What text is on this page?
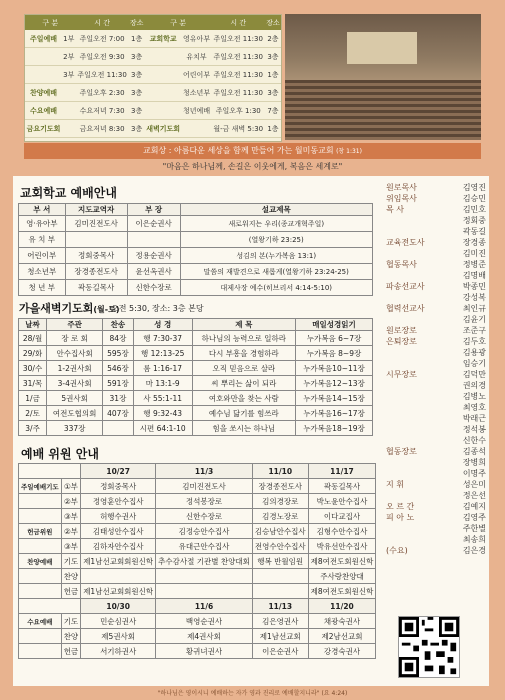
구 분		시 간	장소	구 분		시 간	장소
주일예배	1부	주일오전 7:00	1층	교회학교	영유아부	주일오전 11:30	2층
	2부	주일오전 9:30	3층		유치부	주일오전 11:30	3층
	3부	주일오전 11:30	3층		어린이부	주일오전 11:30	1층
찬양예배		주일오후 2:30	3층		청소년부	주일오전 11:30	3층
수요예배		수요저녁 7:30	3층		청년예배	주일오후 1:30	7층
금요기도회		금요저녁 8:30	3층	새벽기도회		월-금 새벽 5:30	1층
교회상 : 아름다운 세상을 함께 만들어 가는 월미동교회 (창 1:31)
"마음은 하나님께, 손길은 이웃에게, 복음은 세계로"
교회학교 예배안내
부 서	지도교역자	부 장	설교제목
영·유아부	김미진전도사	이은순권사	새로워지는 우리(종교개혁주일)
유 치 부			(열왕기하 23:25)
어린이부	정회중목사	정용순권사	성김의 본(누가복음 13:1)
청소년부	장경종전도사	윤선옥권사	말씀의 재발견으로 새롭게(열왕기하 23:24-25)
청 년 부	곽동길목사	신한수장로	대제사장 예수(히브리서 4:14-5:10)
가을새벽기도회(월-토)
오전 5:30, 장소: 3층 본당
날짜	주관	찬송	성 경	제 목	매일성경읽기
28/월	장 로 회	84장	행 7:30-37	하나님의 능력으로 일하라	누가복음 6~7장
29/화	안수집사회	595장	행 12:13-25	다시 부흥을 경험하라	누가복음 8~9장
30/수	1-2권사회	546장	롬 1:16-17	오직 믿음으로 살라	누가복음10~11장
31/목	3-4권사회	591장	마 13:1-9	씨 뿌리는 삶이 되라	누가복음12~13장
1/금	5권사회	31장	사 55:1-11	여호와만을 찾는 사람	누가복음14~15장
2/토	여전도협의회	407장	행 9:32-43	예수님 닮기를 힘쓰라	누가복음16~17장
3/주	337장		시편 64:1-10	힘을 쏘시는 하나님	누가복음18~19장
예배 위원 안내
		10/27	11/3	11/10	11/17
주일예배기도	①부	정회중목사	김미진전도사	장경종전도사	곽동길목사
	②부	정영훈안수집사	정석봉장로	김의경장로	박노윤안수집사
	③부	허행수권사	신한수장로	김경노장로	이다교집사
헌금위원	②부	김태성안수집사	김정승안수집사	김승남안수집사	김형수안수집사
	③부	김하자안수집사	유대근안수집사	전영수안수집사	박유선안수집사
찬양예배	기도	제1남선교회회원신학	추수감사절 기관별 찬양대회	행복 반월임원	제8여전도회원신학
	찬양				주사랑찬양대
	헌금	제1남선교회회원신학			제8여전도회원신학
		10/30	11/6	11/13	11/20
수요예배	기도	민순심권사	백영순권사	김은영권사	채광숙권사
	찬양	제5권사회	제4권사회	제1남선교회	제2남선교회
	헌금	서기하권사	황귀녀권사	이은순권사	강경숙권사
원로목사	김영진
위임목사	김승민
목 사	김민호
정회중
곽동길
교육전도사	장경종
김미진
협동목사	정병준
김명배
파송선교사	박종민
강성복
협력선교사	최인규
김윤기
원로장로	조준구
은퇴장로	김두호
김용광
임승기
시무장로	김덕만
권의경
김병노
최영호
박래근
정석봉
신한수
협동장로	김종석
장병희
이명주
지 휘	성은미
정은선
오 르 간	김예지
피 아 노	김영주
주한별
최송희
(수요)	김은경
"하나님은 영이시니 예배하는 자가 영과 진리로 예배할지니라" (요 4:24)
